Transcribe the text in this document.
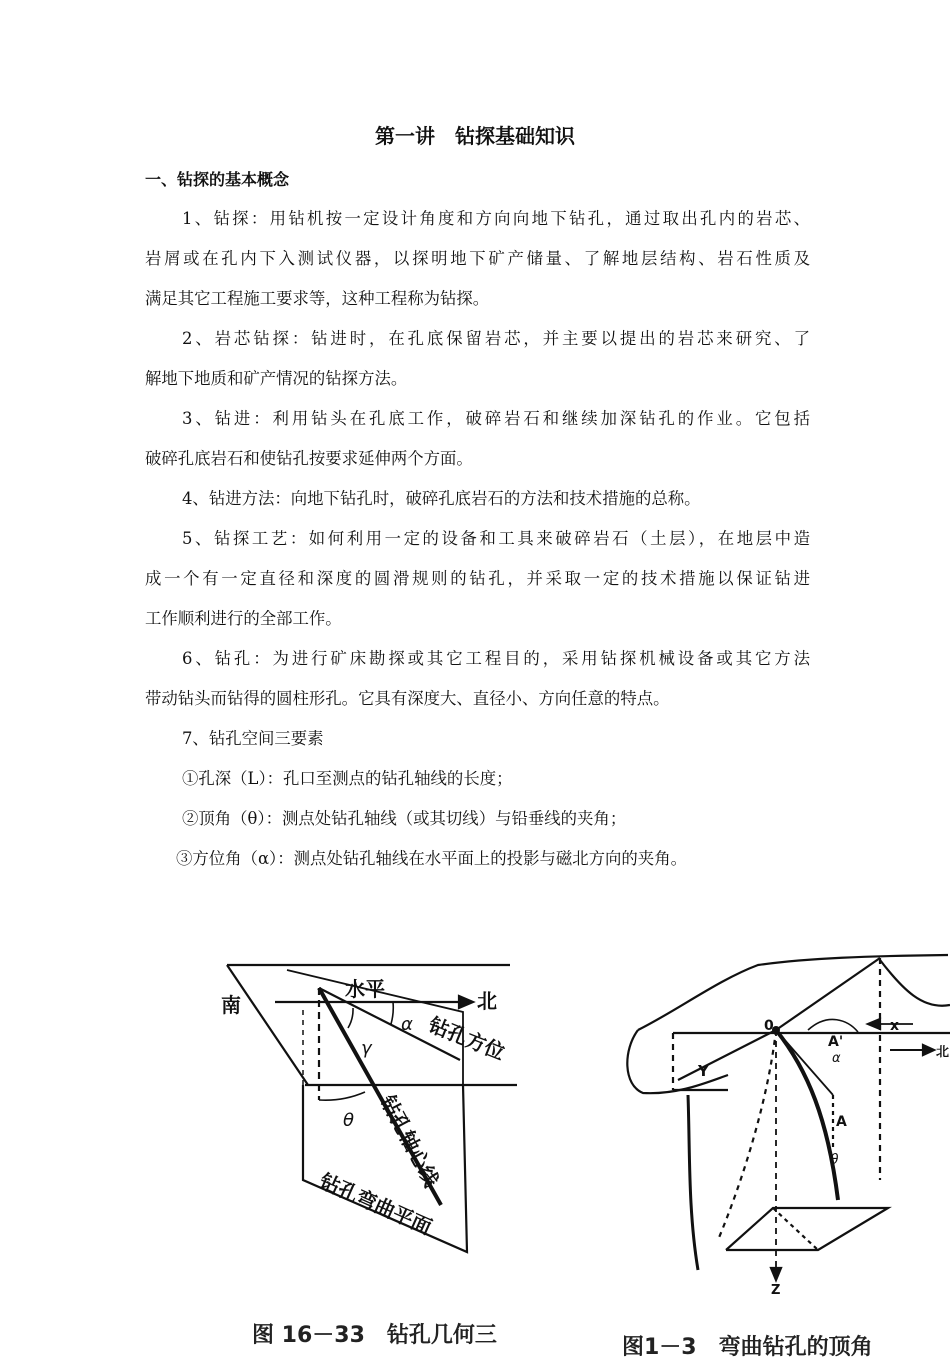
第一讲　钻探基础知识
一、钻探的基本概念
1、钻探：用钻机按一定设计角度和方向向地下钻孔，通过取出孔内的岩芯、
岩屑或在孔内下入测试仪器，以探明地下矿产储量、了解地层结构、岩石性质及
满足其它工程施工要求等，这种工程称为钻探。
2、岩芯钻探：钻进时，在孔底保留岩芯，并主要以提出的岩芯来研究、了
解地下地质和矿产情况的钻探方法。
3、钻进：利用钻头在孔底工作，破碎岩石和继续加深钻孔的作业。它包括
破碎孔底岩石和使钻孔按要求延伸两个方面。
4、钻进方法：向地下钻孔时，破碎孔底岩石的方法和技术措施的总称。
5、钻探工艺：如何利用一定的设备和工具来破碎岩石（土层），在地层中造
成一个有一定直径和深度的圆滑规则的钻孔，并采取一定的技术措施以保证钻进
工作顺利进行的全部工作。
6、钻孔：为进行矿床勘探或其它工程目的，采用钻探机械设备或其它方法
带动钻头而钻得的圆柱形孔。它具有深度大、直径小、方向任意的特点。
7、钻孔空间三要素
①孔深（L）：孔口至测点的钻孔轴线的长度；
②顶角（θ）：测点处钻孔轴线（或其切线）与铅垂线的夹角；
③方位角（α）：测点处钻孔轴线在水平面上的投影与磁北方向的夹角。
南
水平	北
α
γ
θ
钻孔方位
钻孔轴心线
钻孔弯曲平面
图 16－33　钻孔几何三
0	x
Y
A'
α
A
θ
北
Z
图1－3　弯曲钻孔的顶角
